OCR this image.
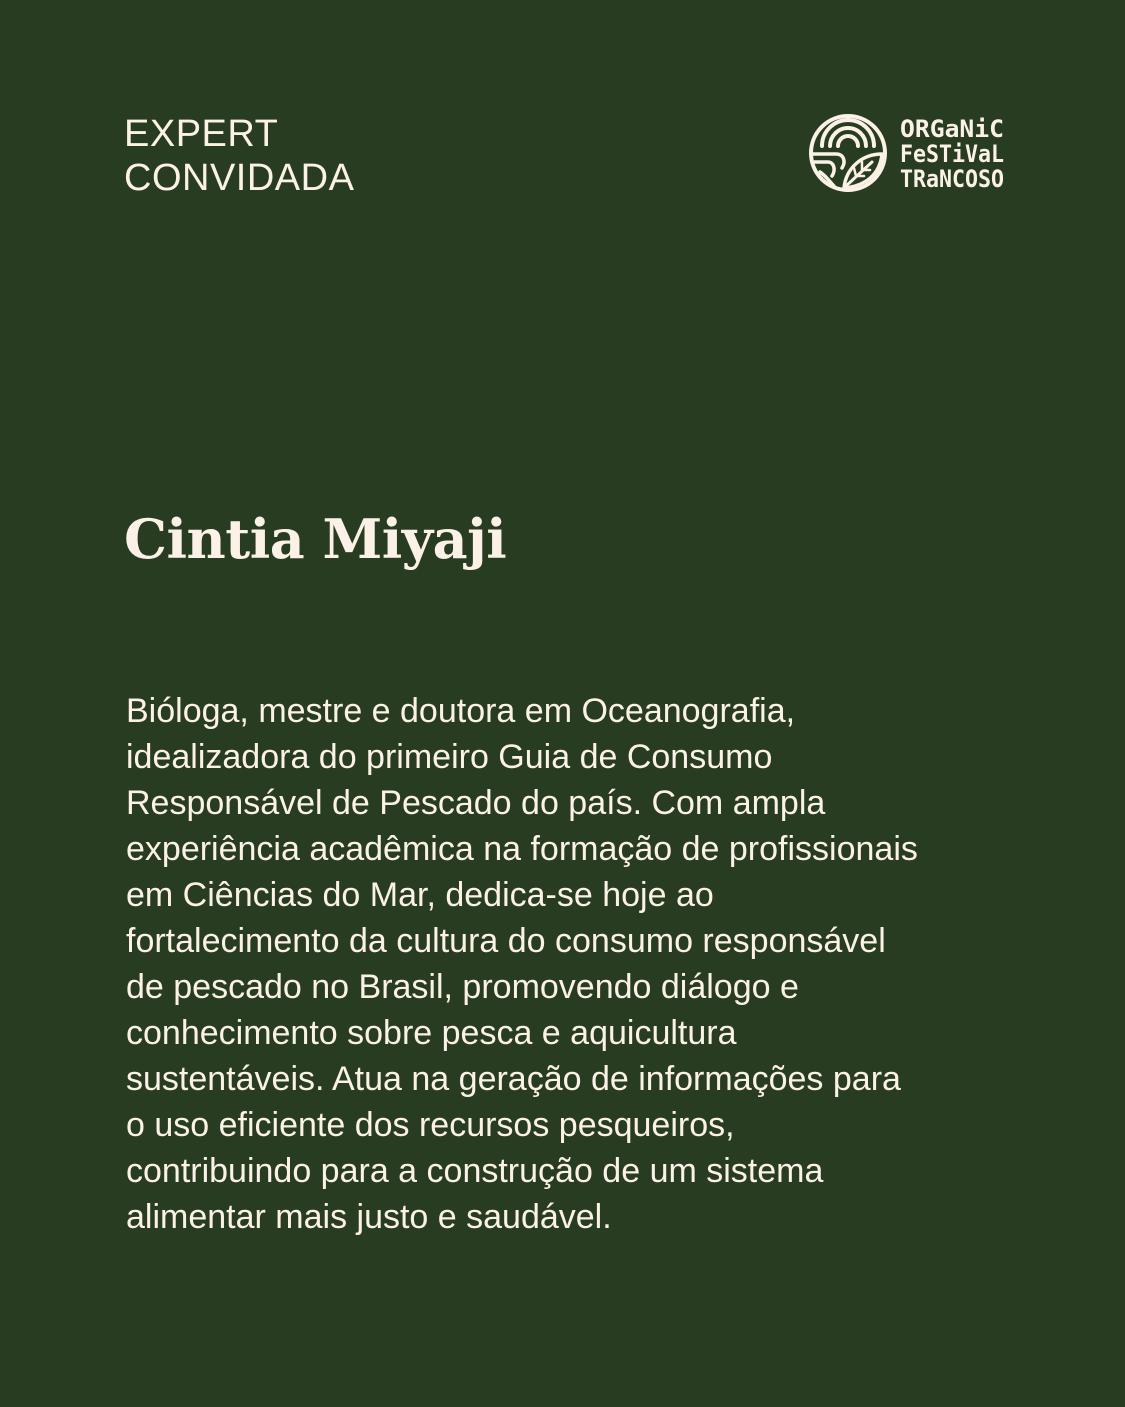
EXPERT
CONVIDADA
ORGaNiC
FeSTiVaL
TRaNCOSO
Cintia Miyaji

Bióloga, mestre e doutora em Oceanografia, idealizadora do primeiro Guia de Consumo Responsável de Pescado do país. Com ampla experiência acadêmica na formação de profissionais em Ciências do Mar, dedica-se hoje ao fortalecimento da cultura do consumo responsável de pescado no Brasil, promovendo diálogo e conhecimento sobre pesca e aquicultura sustentáveis. Atua na geração de informações para o uso eficiente dos recursos pesqueiros, contribuindo para a construção de um sistema alimentar mais justo e saudável.
